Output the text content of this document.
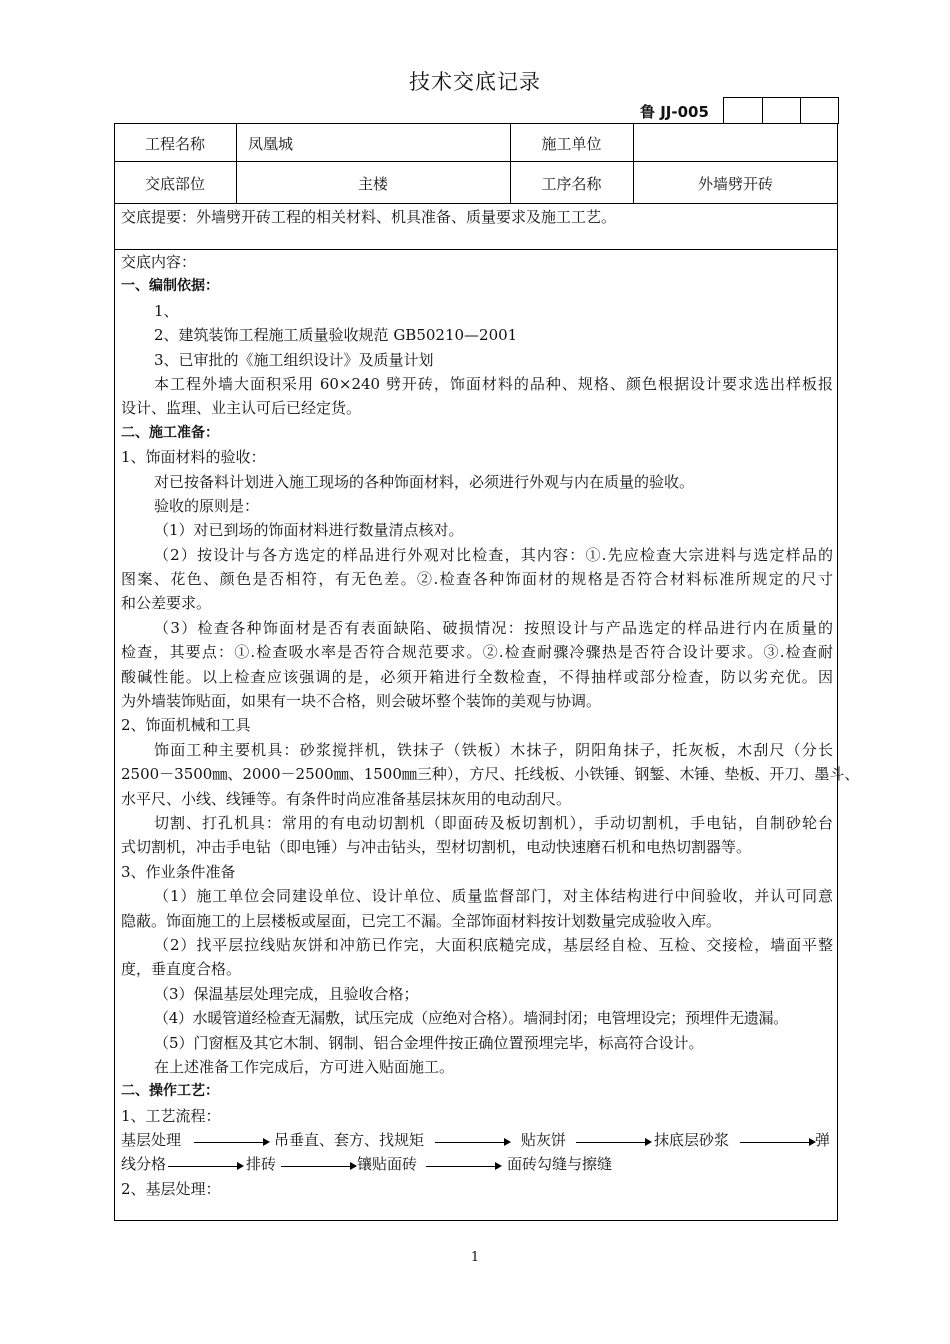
技术交底记录
鲁 JJ-005
工程名称	凤凰城	施工单位
交底部位	主楼	工序名称	外墙劈开砖
交底提要：外墙劈开砖工程的相关材料、机具准备、质量要求及施工工艺。
交底内容：
一、编制依据：
1、
2、建筑装饰工程施工质量验收规范 GB50210—2001
3、已审批的《施工组织设计》及质量计划
本工程外墙大面积采用 60×240 劈开砖，饰面材料的品种、规格、颜色根据设计要求选出样板报
设计、监理、业主认可后已经定货。
二、施工准备：
1、饰面材料的验收：
对已按备料计划进入施工现场的各种饰面材料，必须进行外观与内在质量的验收。
验收的原则是：
（1）对已到场的饰面材料进行数量清点核对。
（2）按设计与各方选定的样品进行外观对比检查，其内容：①.先应检查大宗进料与选定样品的
图案、花色、颜色是否相符，有无色差。②.检查各种饰面材的规格是否符合材料标准所规定的尺寸
和公差要求。
（3）检查各种饰面材是否有表面缺陷、破损情况：按照设计与产品选定的样品进行内在质量的
检查，其要点：①.检查吸水率是否符合规范要求。②.检查耐骤冷骤热是否符合设计要求。③.检查耐
酸碱性能。以上检查应该强调的是，必须开箱进行全数检查，不得抽样或部分检查，防以劣充优。因
为外墙装饰贴面，如果有一块不合格，则会破坏整个装饰的美观与协调。
2、饰面机械和工具
饰面工种主要机具：砂浆搅拌机，铁抹子（铁板）木抹子，阴阳角抹子，托灰板，木刮尺（分长
2500－3500㎜、2000－2500㎜、1500㎜三种），方尺、托线板、小铁锤、钢錾、木锤、垫板、开刀、墨斗、
水平尺、小线、线锤等。有条件时尚应准备基层抹灰用的电动刮尺。
切割、打孔机具：常用的有电动切割机（即面砖及板切割机），手动切割机，手电钻，自制砂轮台
式切割机，冲击手电钻（即电锤）与冲击钻头，型材切割机，电动快速磨石机和电热切割器等。
3、作业条件准备
（1）施工单位会同建设单位、设计单位、质量监督部门，对主体结构进行中间验收，并认可同意
隐蔽。饰面施工的上层楼板或屋面，已完工不漏。全部饰面材料按计划数量完成验收入库。
（2）找平层拉线贴灰饼和冲筋已作完，大面积底糙完成，基层经自检、互检、交接检，墙面平整
度，垂直度合格。
（3）保温基层处理完成，且验收合格；
（4）水暖管道经检查无漏敷，试压完成（应绝对合格）。墙洞封闭；电管埋设完；预埋件无遗漏。
（5）门窗框及其它木制、钢制、铝合金埋件按正确位置预埋完毕，标高符合设计。
在上述准备工作完成后，方可进入贴面施工。
二、操作工艺：
1、工艺流程：
基层处理	吊垂直、套方、找规矩	贴灰饼	抹底层砂浆	弹
线分格	排砖	镶贴面砖	面砖勾缝与擦缝
2、基层处理：
1
